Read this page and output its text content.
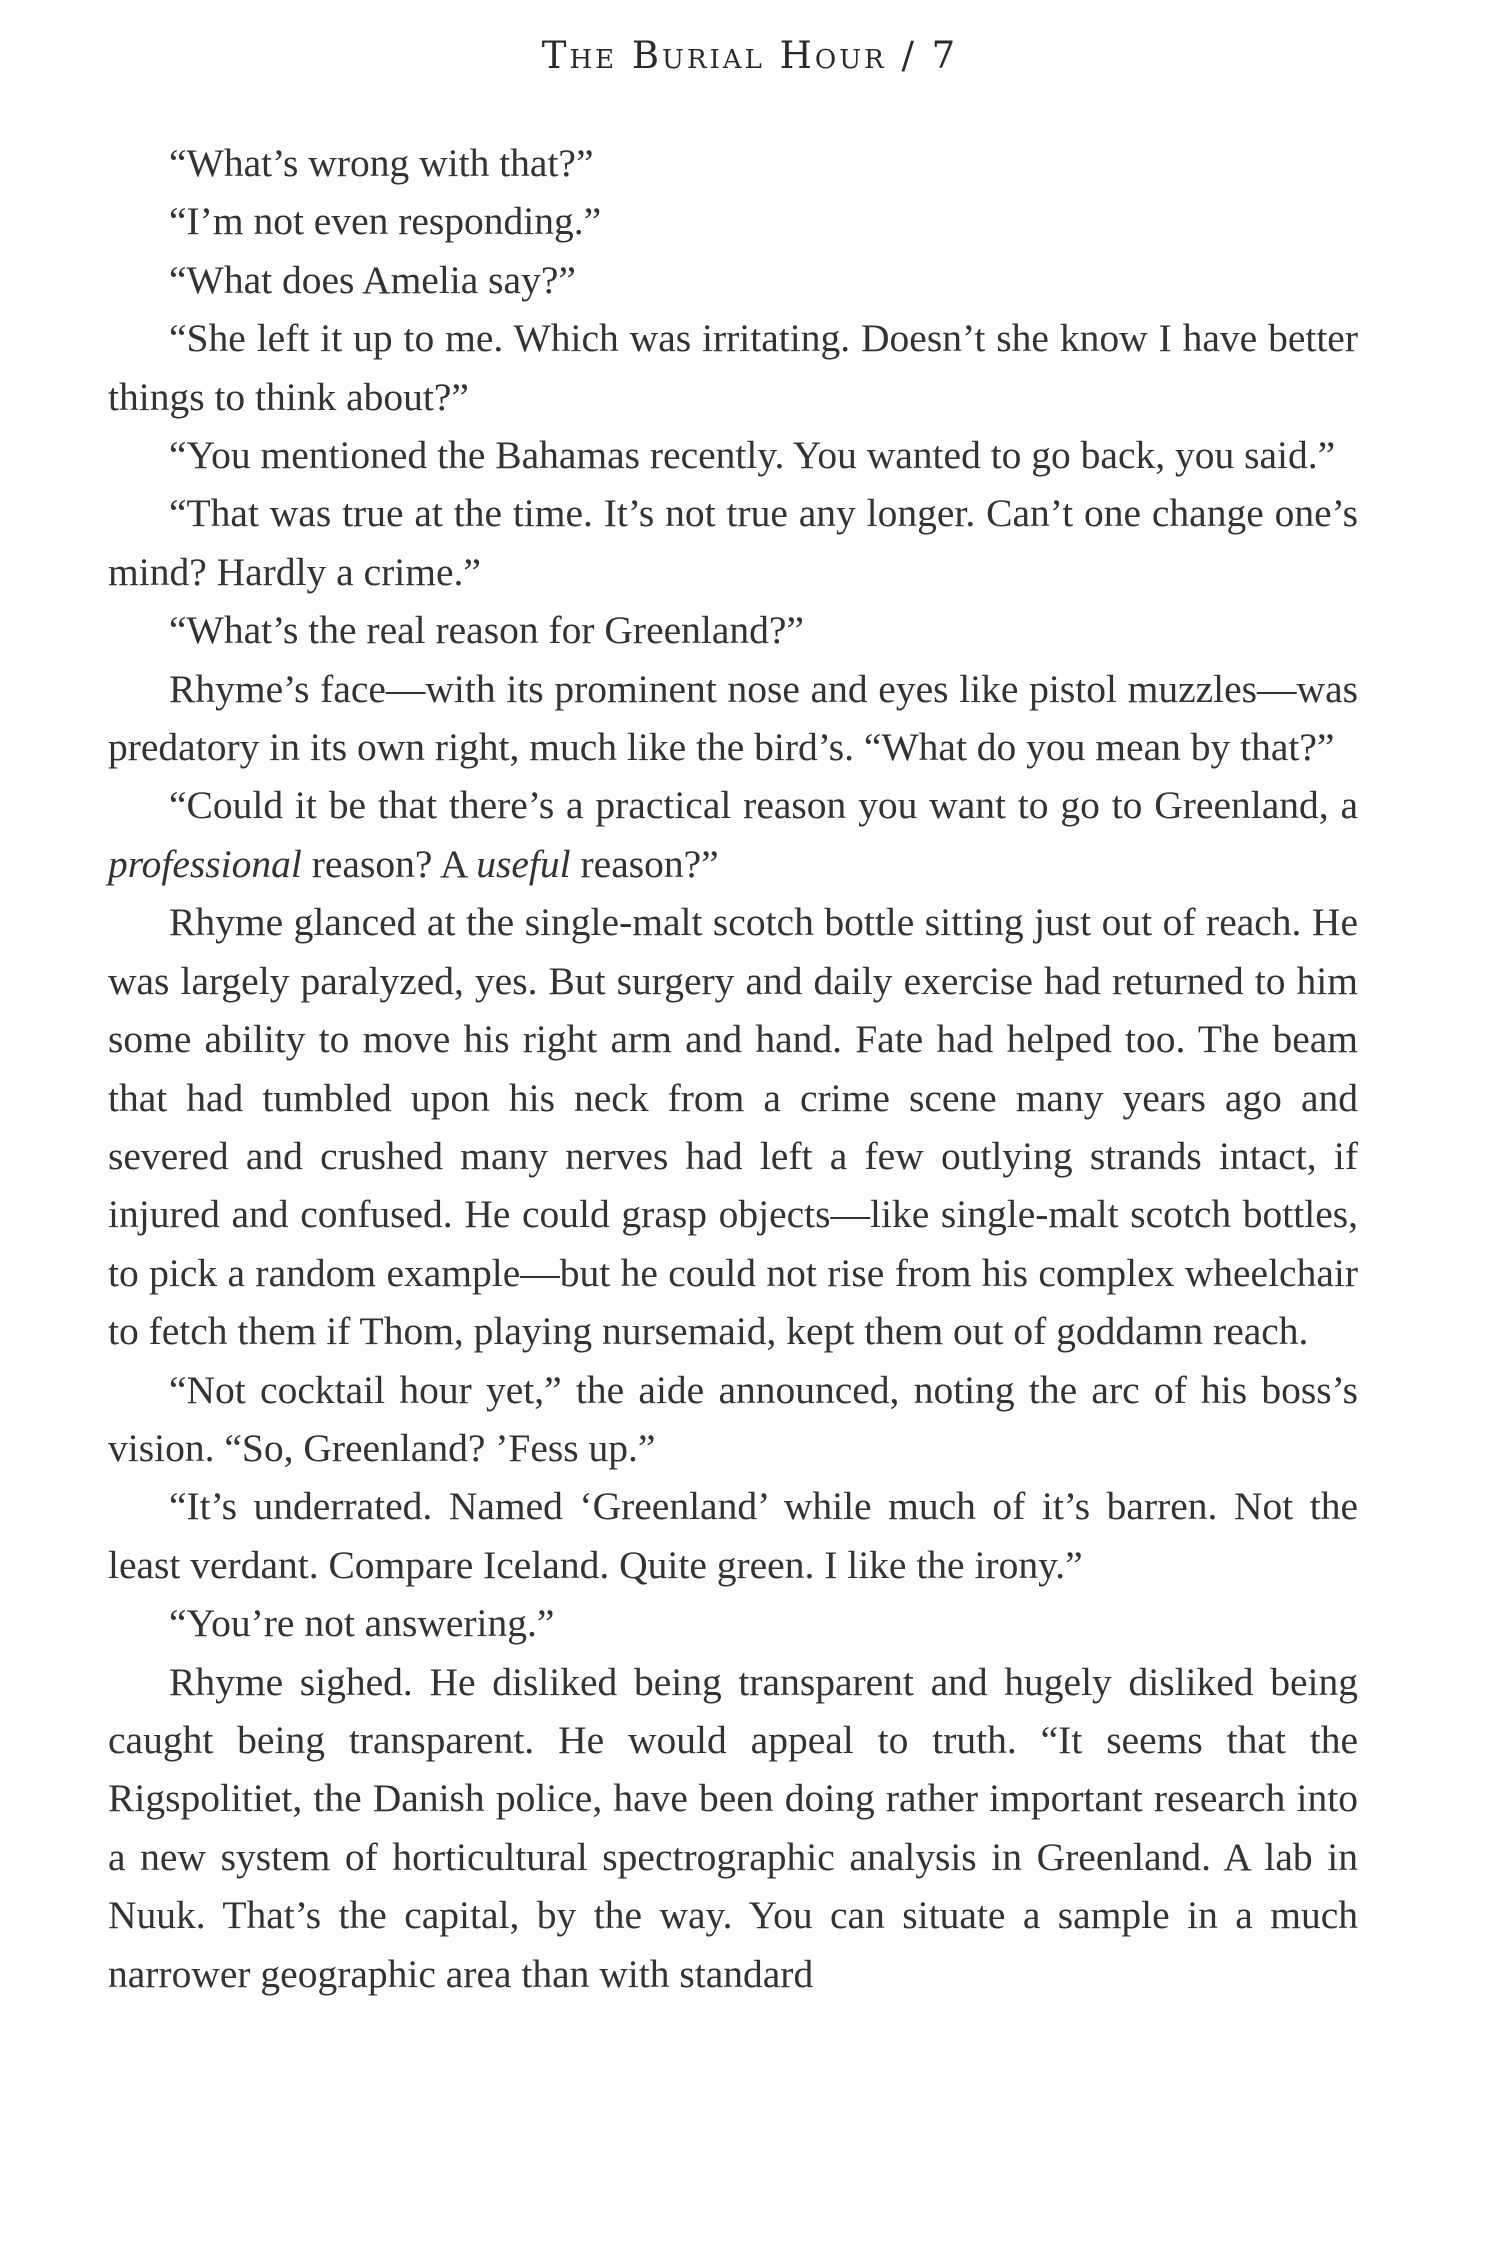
The Burial Hour / 7

“What’s wrong with that?”

“I’m not even responding.”

“What does Amelia say?”

“She left it up to me. Which was irritating. Doesn’t she know I have better things to think about?”

“You mentioned the Bahamas recently. You wanted to go back, you said.”

“That was true at the time. It’s not true any longer. Can’t one change one’s mind? Hardly a crime.”

“What’s the real reason for Greenland?”

Rhyme’s face—with its prominent nose and eyes like pistol muzzles—was predatory in its own right, much like the bird’s. “What do you mean by that?”

“Could it be that there’s a practical reason you want to go to Greenland, a professional reason? A useful reason?”

Rhyme glanced at the single-malt scotch bottle sitting just out of reach. He was largely paralyzed, yes. But surgery and daily exercise had returned to him some ability to move his right arm and hand. Fate had helped too. The beam that had tumbled upon his neck from a crime scene many years ago and severed and crushed many nerves had left a few outlying strands intact, if injured and confused. He could grasp objects—like single-malt scotch bottles, to pick a random example—but he could not rise from his complex wheelchair to fetch them if Thom, playing nursemaid, kept them out of goddamn reach.

“Not cocktail hour yet,” the aide announced, noting the arc of his boss’s vision. “So, Greenland? ’Fess up.”

“It’s underrated. Named ‘Greenland’ while much of it’s barren. Not the least verdant. Compare Iceland. Quite green. I like the irony.”

“You’re not answering.”

Rhyme sighed. He disliked being transparent and hugely disliked being caught being transparent. He would appeal to truth. “It seems that the Rigspolitiet, the Danish police, have been doing rather important research into a new system of horticultural spectrographic analysis in Greenland. A lab in Nuuk. That’s the capital, by the way. You can situate a sample in a much narrower geographic area than with standard
